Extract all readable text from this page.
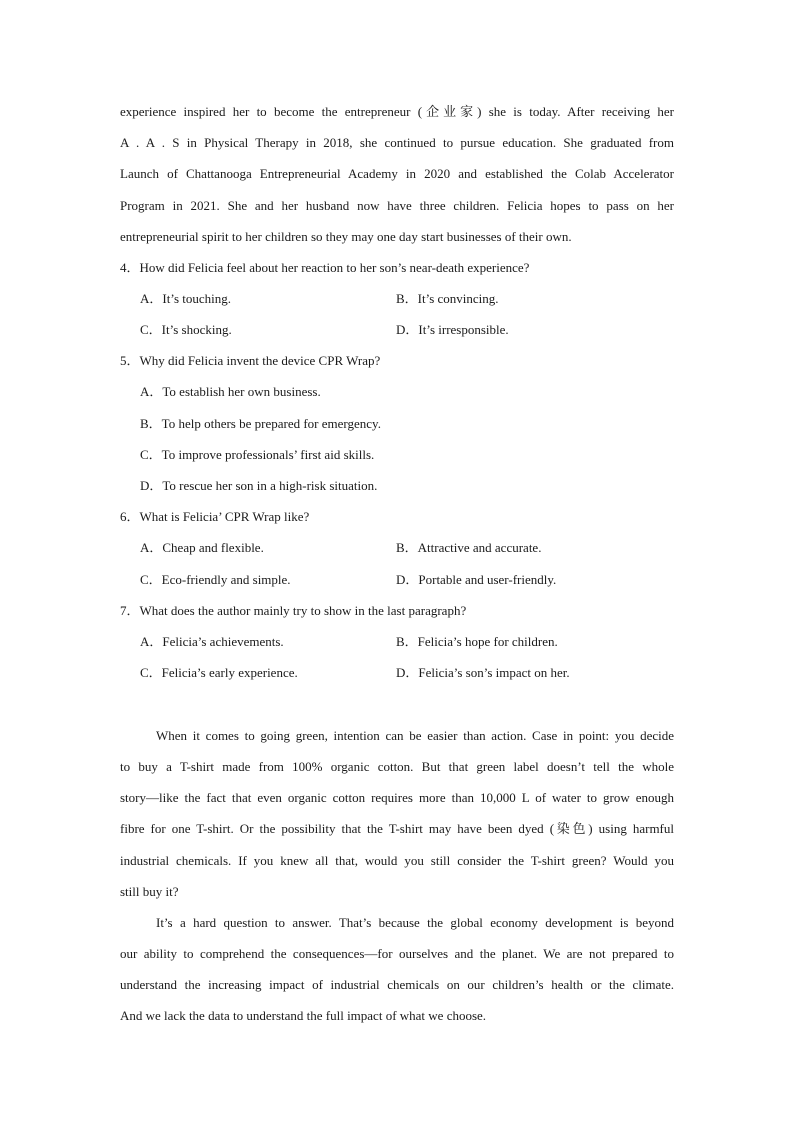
experience inspired her to become the entrepreneur (企业家) she is today. After receiving her
A . A . S in Physical Therapy in 2018, she continued to pursue education. She graduated from
Launch of Chattanooga Entrepreneurial Academy in 2020 and established the Colab Accelerator
Program in 2021. She and her husband now have three children. Felicia hopes to pass on her
entrepreneurial spirit to her children so they may one day start businesses of their own.
4．How did Felicia feel about her reaction to her son’s near-death experience?
A．It’s touching.	B．It’s convincing.
C．It’s shocking.	D．It’s irresponsible.
5．Why did Felicia invent the device CPR Wrap?
A．To establish her own business.
B．To help others be prepared for emergency.
C．To improve professionals’ first aid skills.
D．To rescue her son in a high-risk situation.
6．What is Felicia’ CPR Wrap like?
A．Cheap and flexible.	B．Attractive and accurate.
C．Eco-friendly and simple.	D．Portable and user-friendly.
7．What does the author mainly try to show in the last paragraph?
A．Felicia’s achievements.	B．Felicia’s hope for children.
C．Felicia’s early experience.	D．Felicia’s son’s impact on her.
When it comes to going green, intention can be easier than action. Case in point: you decide
to buy a T-shirt made from 100% organic cotton. But that green label doesn’t tell the whole
story—like the fact that even organic cotton requires more than 10,000 L of water to grow enough
fibre for one T-shirt. Or the possibility that the T-shirt may have been dyed (染色) using harmful
industrial chemicals. If you knew all that, would you still consider the T-shirt green? Would you
still buy it?
It’s a hard question to answer. That’s because the global economy development is beyond
our ability to comprehend the consequences—for ourselves and the planet. We are not prepared to
understand the increasing impact of industrial chemicals on our children’s health or the climate.
And we lack the data to understand the full impact of what we choose.
